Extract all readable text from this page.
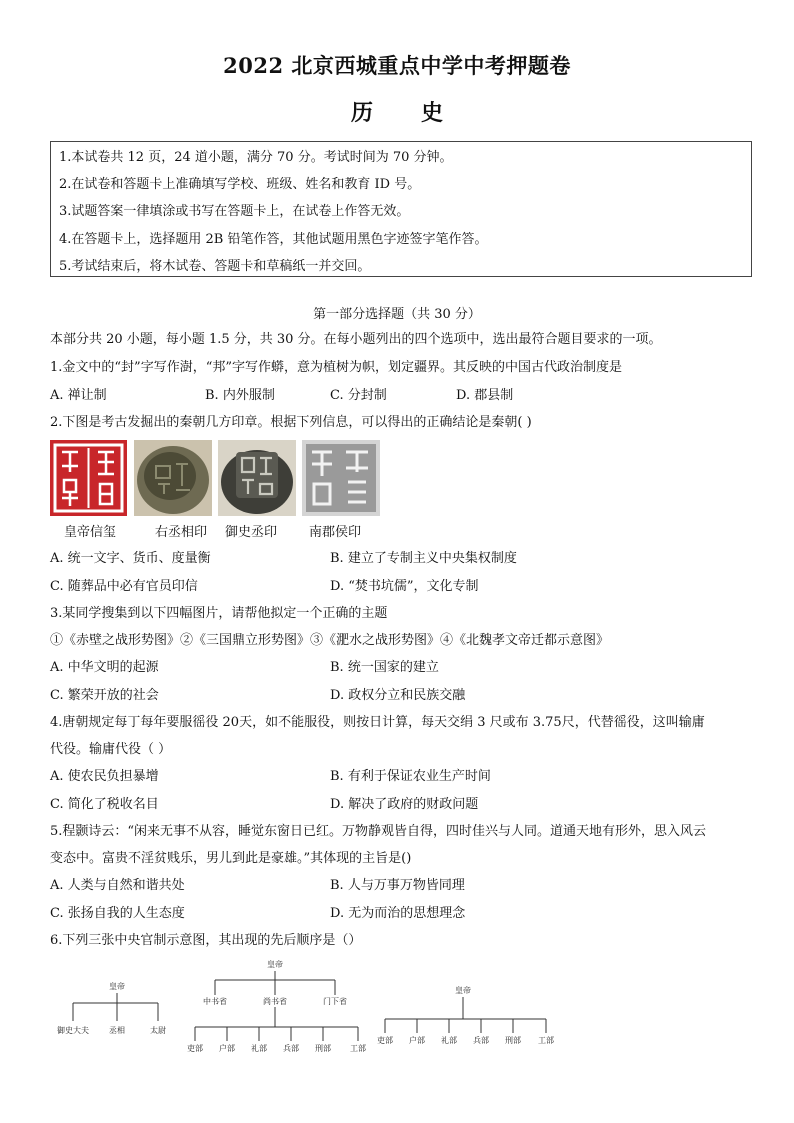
2022 北京西城重点中学中考押题卷
历史
1.本试卷共 12 页，24 道小题，满分 70 分。考试时间为 70 分钟。
2.在试卷和答题卡上准确填写学校、班级、姓名和教育 ID 号。
3.试题答案一律填涂或书写在答题卡上，在试卷上作答无效。
4.在答题卡上，选择题用 2B 铅笔作答，其他试题用黑色字迹签字笔作答。
5.考试结束后，将木试卷、答题卡和草稿纸一并交回。
第一部分选择题（共 30 分）
本部分共 20 小题，每小题 1.5 分，共 30 分。在每小题列出的四个选项中，选出最符合题目要求的一项。
1.金文中的“封”字写作澍，“邦”字写作蟒，意为植树为帜，划定疆界。其反映的中国古代政治制度是
A. 禅让制	B. 内外服制	C. 分封制	D. 郡县制
2.下图是考古发掘出的秦朝几方印章。根据下列信息，可以得出的正确结论是秦朝( )
皇帝信玺	右丞相印 御史丞印 南郡侯印
A. 统一文字、货币、度量衡	B. 建立了专制主义中央集权制度
C. 随葬品中必有官员印信	D. “焚书坑儒”，文化专制
3.某同学搜集到以下四幅图片，请帮他拟定一个正确的主题
①《赤壁之战形势图》②《三国鼎立形势图》③《淝水之战形势图》④《北魏孝文帝迁都示意图》
A. 中华文明的起源	B. 统一国家的建立
C. 繁荣开放的社会	D. 政权分立和民族交融
4.唐朝规定每丁每年要服徭役 20天，如不能服役，则按日计算，每天交绢 3 尺或布 3.75尺，代替徭役，这叫输庸
代役。输庸代役（ ）
A. 使农民负担暴增	B. 有利于保证农业生产时间
C. 简化了税收名目	D. 解决了政府的财政问题
5.程颢诗云：“闲来无事不从容，睡觉东窗日已红。万物静观皆自得，四时佳兴与人同。道通天地有形外，思入风云
变态中。富贵不淫贫贱乐，男儿到此是豪雄。”其体现的主旨是()
A. 人类与自然和谐共处	B. 人与万事万物皆同理
C. 张扬自我的人生态度	D. 无为而治的思想理念
6.下列三张中央官制示意图，其出现的先后顺序是（）
皇帝
御史大夫	丞相	太尉
皇帝
中书省	尚书省	门下省
吏部 户部 礼部 兵部 刑部 工部
皇帝
吏部 户部 礼部 兵部 刑部 工部
